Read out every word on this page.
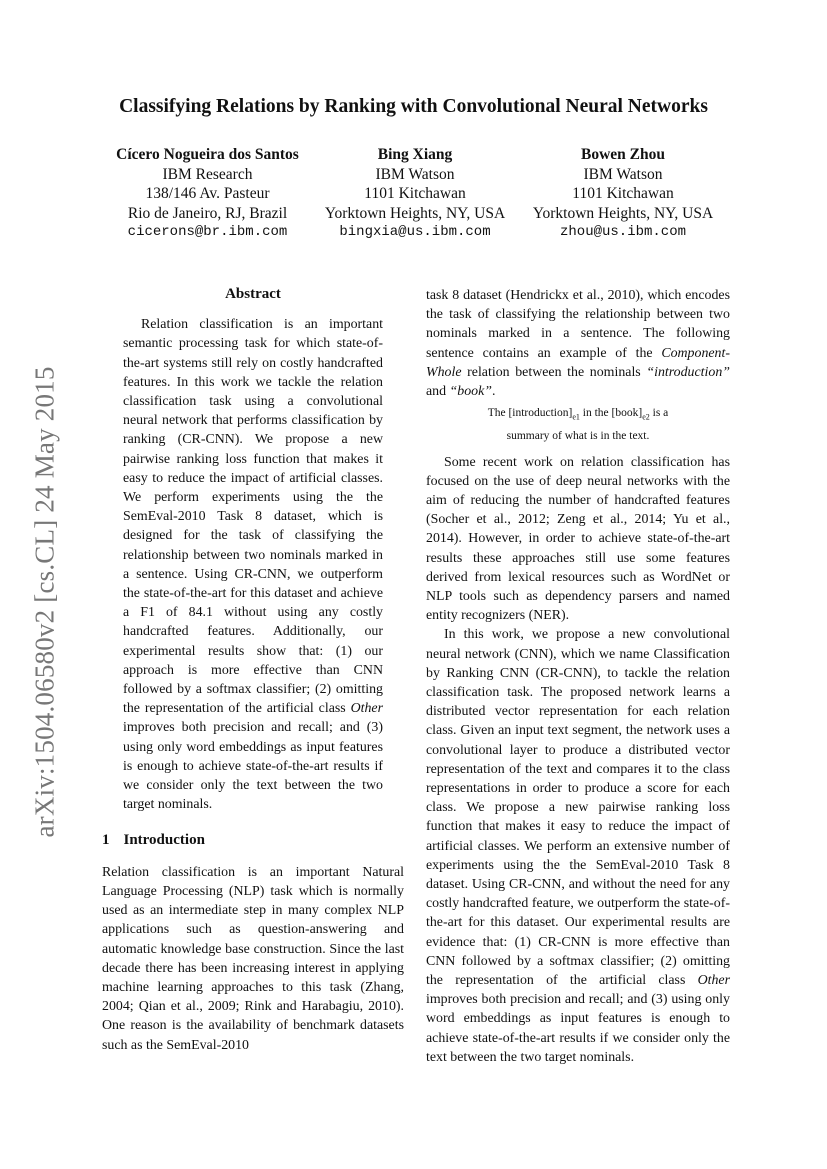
Classifying Relations by Ranking with Convolutional Neural Networks
Cícero Nogueira dos Santos
IBM Research
138/146 Av. Pasteur
Rio de Janeiro, RJ, Brazil
cicerons@br.ibm.com
Bing Xiang
IBM Watson
1101 Kitchawan
Yorktown Heights, NY, USA
bingxia@us.ibm.com
Bowen Zhou
IBM Watson
1101 Kitchawan
Yorktown Heights, NY, USA
zhou@us.ibm.com
arXiv:1504.06580v2 [cs.CL] 24 May 2015
Abstract

Relation classification is an important semantic processing task for which state-of-the-art systems still rely on costly handcrafted features. In this work we tackle the relation classification task using a convolutional neural network that performs classification by ranking (CR-CNN). We propose a new pairwise ranking loss function that makes it easy to reduce the impact of artificial classes. We perform experiments using the the SemEval-2010 Task 8 dataset, which is designed for the task of classifying the relationship between two nominals marked in a sentence. Using CR-CNN, we outperform the state-of-the-art for this dataset and achieve a F1 of 84.1 without using any costly handcrafted features. Additionally, our experimental results show that: (1) our approach is more effective than CNN followed by a softmax classifier; (2) omitting the representation of the artificial class Other improves both precision and recall; and (3) using only word embeddings as input features is enough to achieve state-of-the-art results if we consider only the text between the two target nominals.

1 Introduction

Relation classification is an important Natural Language Processing (NLP) task which is normally used as an intermediate step in many complex NLP applications such as question-answering and automatic knowledge base construction. Since the last decade there has been increasing interest in applying machine learning approaches to this task (Zhang, 2004; Qian et al., 2009; Rink and Harabagiu, 2010). One reason is the availability of benchmark datasets such as the SemEval-2010

task 8 dataset (Hendrickx et al., 2010), which encodes the task of classifying the relationship between two nominals marked in a sentence. The following sentence contains an example of the Component-Whole relation between the nominals “introduction” and “book”.

The $[introduction]_{e1}$ in the $[book]_{e2}$ is a
summary of what is in the text.

Some recent work on relation classification has focused on the use of deep neural networks with the aim of reducing the number of handcrafted features (Socher et al., 2012; Zeng et al., 2014; Yu et al., 2014). However, in order to achieve state-of-the-art results these approaches still use some features derived from lexical resources such as WordNet or NLP tools such as dependency parsers and named entity recognizers (NER).

In this work, we propose a new convolutional neural network (CNN), which we name Classification by Ranking CNN (CR-CNN), to tackle the relation classification task. The proposed network learns a distributed vector representation for each relation class. Given an input text segment, the network uses a convolutional layer to produce a distributed vector representation of the text and compares it to the class representations in order to produce a score for each class. We propose a new pairwise ranking loss function that makes it easy to reduce the impact of artificial classes. We perform an extensive number of experiments using the the SemEval-2010 Task 8 dataset. Using CR-CNN, and without the need for any costly handcrafted feature, we outperform the state-of-the-art for this dataset. Our experimental results are evidence that: (1) CR-CNN is more effective than CNN followed by a softmax classifier; (2) omitting the representation of the artificial class Other improves both precision and recall; and (3) using only word embeddings as input features is enough to achieve state-of-the-art results if we consider only the text between the two target nominals.
